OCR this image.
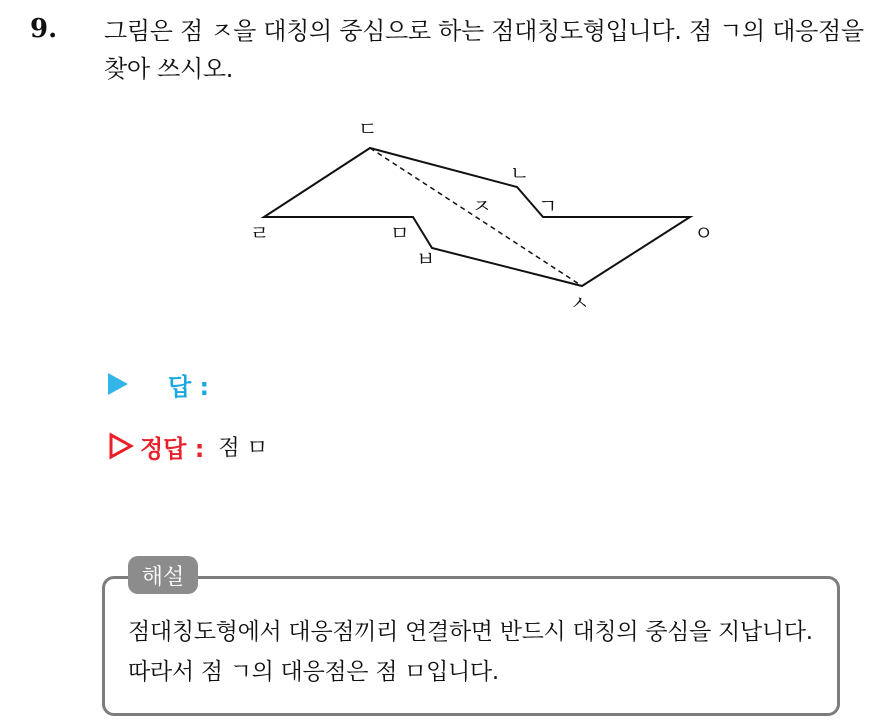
9. 그림은 점 ㅈ을 대칭의 중심으로 하는 점대칭도형입니다. 점 ㄱ의 대응점을 찾아 쓰시오.
ㄱ
ㄴ
ㄷ
ㄹ	ㅁ
ㅂ
ㅅ
ㅇ
ㅈ
답 :
정답 : 점 ㅁ
해설
점대칭도형에서 대응점끼리 연결하면 반드시 대칭의 중심을 지납니다. 따라서 점 ㄱ의 대응점은 점 ㅁ입니다.
